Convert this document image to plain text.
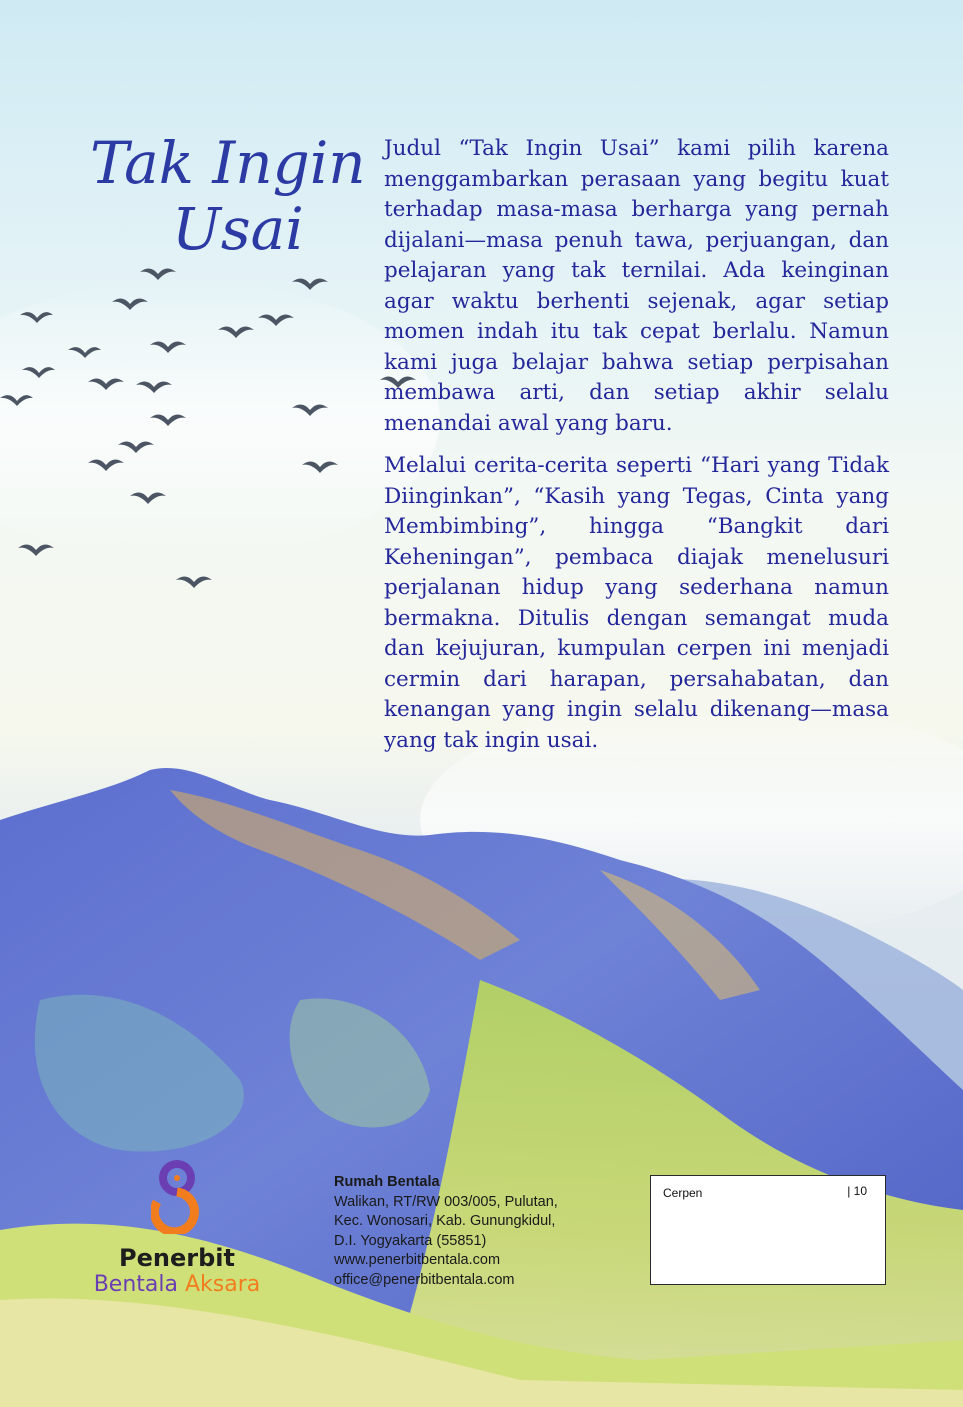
Tak Ingin
Usai

Judul “Tak Ingin Usai” kami pilih karena menggambarkan perasaan yang begitu kuat terhadap masa-masa berharga yang pernah dijalani—masa penuh tawa, perjuangan, dan pelajaran yang tak ternilai. Ada keinginan agar waktu berhenti sejenak, agar setiap momen indah itu tak cepat berlalu. Namun kami juga belajar bahwa setiap perpisahan membawa arti, dan setiap akhir selalu menandai awal yang baru.

Melalui cerita-cerita seperti “Hari yang Tidak Diinginkan”, “Kasih yang Tegas, Cinta yang Membimbing”, hingga “Bangkit dari Keheningan”, pembaca diajak menelusuri perjalanan hidup yang sederhana namun bermakna. Ditulis dengan semangat muda dan kejujuran, kumpulan cerpen ini menjadi cermin dari harapan, persahabatan, dan kenangan yang ingin selalu dikenang—masa yang tak ingin usai.

Penerbit
Bentala Aksara
Rumah Bentala
Walikan, RT/RW 003/005, Pulutan,
Kec. Wonosari, Kab. Gunungkidul,
D.I. Yogyakarta (55851)
www.penerbitbentala.com
office@penerbitbentala.com
Cerpen	| 10
